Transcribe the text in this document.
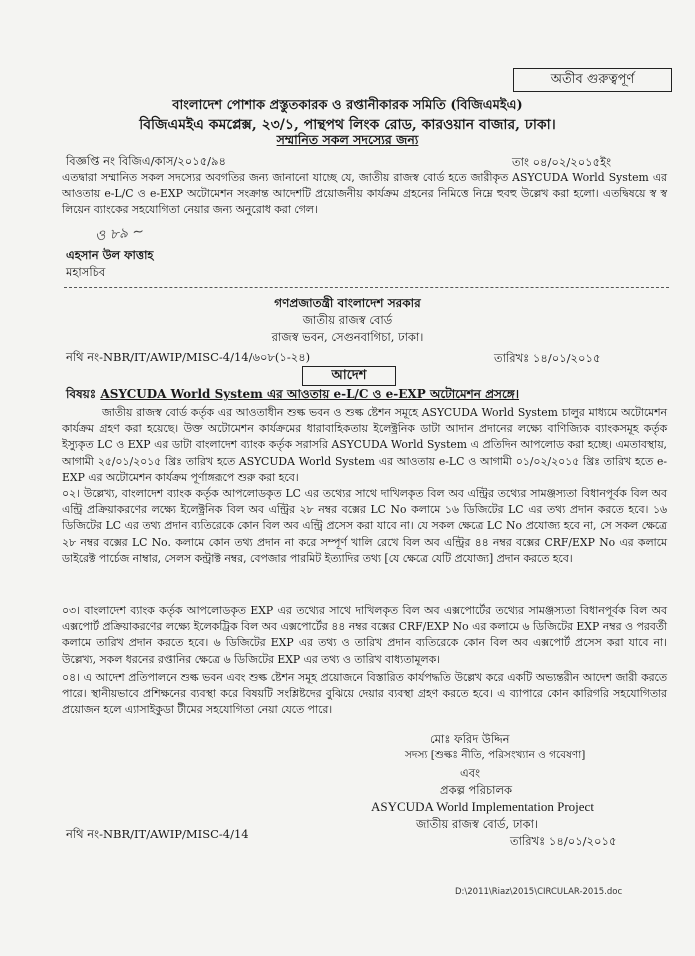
অতীব গুরুত্বপূর্ণ
বাংলাদেশ পোশাক প্রস্তুতকারক ও রপ্তানীকারক সমিতি (বিজিএমইএ)
বিজিএমইএ কমপ্লেক্স, ২৩/১, পান্থপথ লিংক রোড, কারওয়ান বাজার, ঢাকা।
সম্মানিত সকল সদস্যের জন্য
বিজ্ঞপ্তি নং বিজিএ/কাস/২০১৫/৯৪	তাং ০৪/০২/২০১৫ইং
এতদ্বারা সম্মানিত সকল সদস্যের অবগতির জন্য জানানো যাচ্ছে যে, জাতীয় রাজস্ব বোর্ড হতে জারীকৃত ASYCUDA World System এর আওতায় e-L/C ও e-EXP অটোমেশন সংক্রান্ত আদেশটি প্রয়োজনীয় কার্যক্রম গ্রহনের নিমিত্তে নিম্নে হুবহু উল্লেখ করা হলো। এতদ্বিষয়ে স্ব স্ব লিয়েন ব্যাংকের সহযোগিতা নেয়ার জন্য অনুরোধ করা গেল।
ও ৮৯ ~
এহসান উল ফাত্তাহ
মহাসচিব
গণপ্রজাতন্ত্রী বাংলাদেশ সরকার
জাতীয় রাজস্ব বোর্ড
রাজস্ব ভবন, সেগুনবাগিচা, ঢাকা।
নথি নং-NBR/IT/AWIP/MISC-4/14/৬০৮(১-২৪)	তারিখঃ ১৪/০১/২০১৫
আদেশ
বিষয়ঃ ASYCUDA World System এর আওতায় e-L/C ও e-EXP অটোমেশন প্রসঙ্গে।
জাতীয় রাজস্ব বোর্ড কর্তৃক এর আওতাধীন শুল্ক ভবন ও শুল্ক ষ্টেশন সমূহে ASYCUDA World System চালুর মাধ্যমে অটোমেশন কার্যক্রম গ্রহণ করা হয়েছে। উক্ত অটোমেশন কার্যক্রমের ধারাবাহিকতায় ইলেক্ট্রনিক ডাটা আদান প্রদানের লক্ষ্যে বাণিজ্যিক ব্যাংকসমূহ কর্তৃক ইস্যুকৃত LC ও EXP এর ডাটা বাংলাদেশ ব্যাংক কর্তৃক সরাসরি ASYCUDA World System এ প্রতিদিন আপলোড করা হচ্ছে। এমতাবস্থায়, আগামী ২৫/০১/২০১৫ খ্রিঃ তারিখ হতে ASYCUDA World System এর আওতায় e-LC ও আগামী ০১/০২/২০১৫ খ্রিঃ তারিখ হতে e-EXP এর অটোমেশন কার্যক্রম পূর্ণাঙ্গরূপে শুরু করা হবে।
০২। উল্লেখ্য, বাংলাদেশ ব্যাংক কর্তৃক আপলোডকৃত LC এর তথ্যের সাথে দাখিলকৃত বিল অব এন্ট্রির তথ্যের সামঞ্জস্যতা বিধানপূর্বক বিল অব এন্ট্রি প্রক্রিয়াকরণের লক্ষ্যে ইলেক্ট্রনিক বিল অব এন্ট্রির ২৮ নম্বর বক্সের LC No কলামে ১৬ ডিজিটের LC এর তথ্য প্রদান করতে হবে। ১৬ ডিজিটের LC এর তথ্য প্রদান ব্যতিরেকে কোন বিল অব এন্ট্রি প্রসেস করা যাবে না। যে সকল ক্ষেত্রে LC No প্রযোজ্য হবে না, সে সকল ক্ষেত্রে ২৮ নম্বর বক্সের LC No. কলামে কোন তথ্য প্রদান না করে সম্পূর্ণ খালি রেখে বিল অব এন্ট্রির ৪৪ নম্বর বক্সের CRF/EXP No এর কলামে ডাইরেক্ট পার্চেজ নাম্বার, সেলস কন্ট্রাক্ট নম্বর, বেপজার পারমিট ইত্যাদির তথ্য [যে ক্ষেত্রে যেটি প্রযোজ্য] প্রদান করতে হবে।
০৩। বাংলাদেশ ব্যাংক কর্তৃক আপলোডকৃত EXP এর তথ্যের সাথে দাখিলকৃত বিল অব এক্সপোর্টের তথ্যের সামঞ্জস্যতা বিধানপূর্বক বিল অব এক্সপোর্ট প্রক্রিয়াকরণের লক্ষ্যে ইলেকট্রিক বিল অব এক্সপোর্টের ৪৪ নম্বর বক্সের CRF/EXP No এর কলামে ৬ ডিজিটের EXP নম্বর ও পরবর্তী কলামে তারিখ প্রদান করতে হবে। ৬ ডিজিটের EXP এর তথ্য ও তারিখ প্রদান ব্যতিরেকে কোন বিল অব এক্সপোর্ট প্রসেস করা যাবে না। উল্লেখ্য, সকল ধরনের রপ্তানির ক্ষেত্রে ৬ ডিজিটের EXP এর তথ্য ও তারিখ বাধ্যতামূলক।
০৪। এ আদেশ প্রতিপালনে শুল্ক ভবন এবং শুল্ক ষ্টেশন সমূহ প্রয়োজনে বিস্তারিত কার্যপদ্ধতি উল্লেখ করে একটি অভ্যন্তরীন আদেশ জারী করতে পারে। স্থানীয়ভাবে প্রশিক্ষনের ব্যবস্থা করে বিষয়টি সংশ্লিষ্টদের বুঝিয়ে দেয়ার ব্যবস্থা গ্রহণ করতে হবে। এ ব্যাপারে কোন কারিগরি সহযোগিতার প্রয়োজন হলে এ্যাসাইকুডা টীমের সহযোগিতা নেয়া যেতে পারে।
মোঃ ফরিদ উদ্দিন
সদস্য [শুল্কঃ নীতি, পরিসংখ্যান ও গবেষণা]
এবং
প্রকল্প পরিচালক
ASYCUDA World Implementation Project
জাতীয় রাজস্ব বোর্ড, ঢাকা।
তারিখঃ ১৪/০১/২০১৫
নথি নং-NBR/IT/AWIP/MISC-4/14
D:\2011\Riaz\2015\CIRCULAR-2015.doc
